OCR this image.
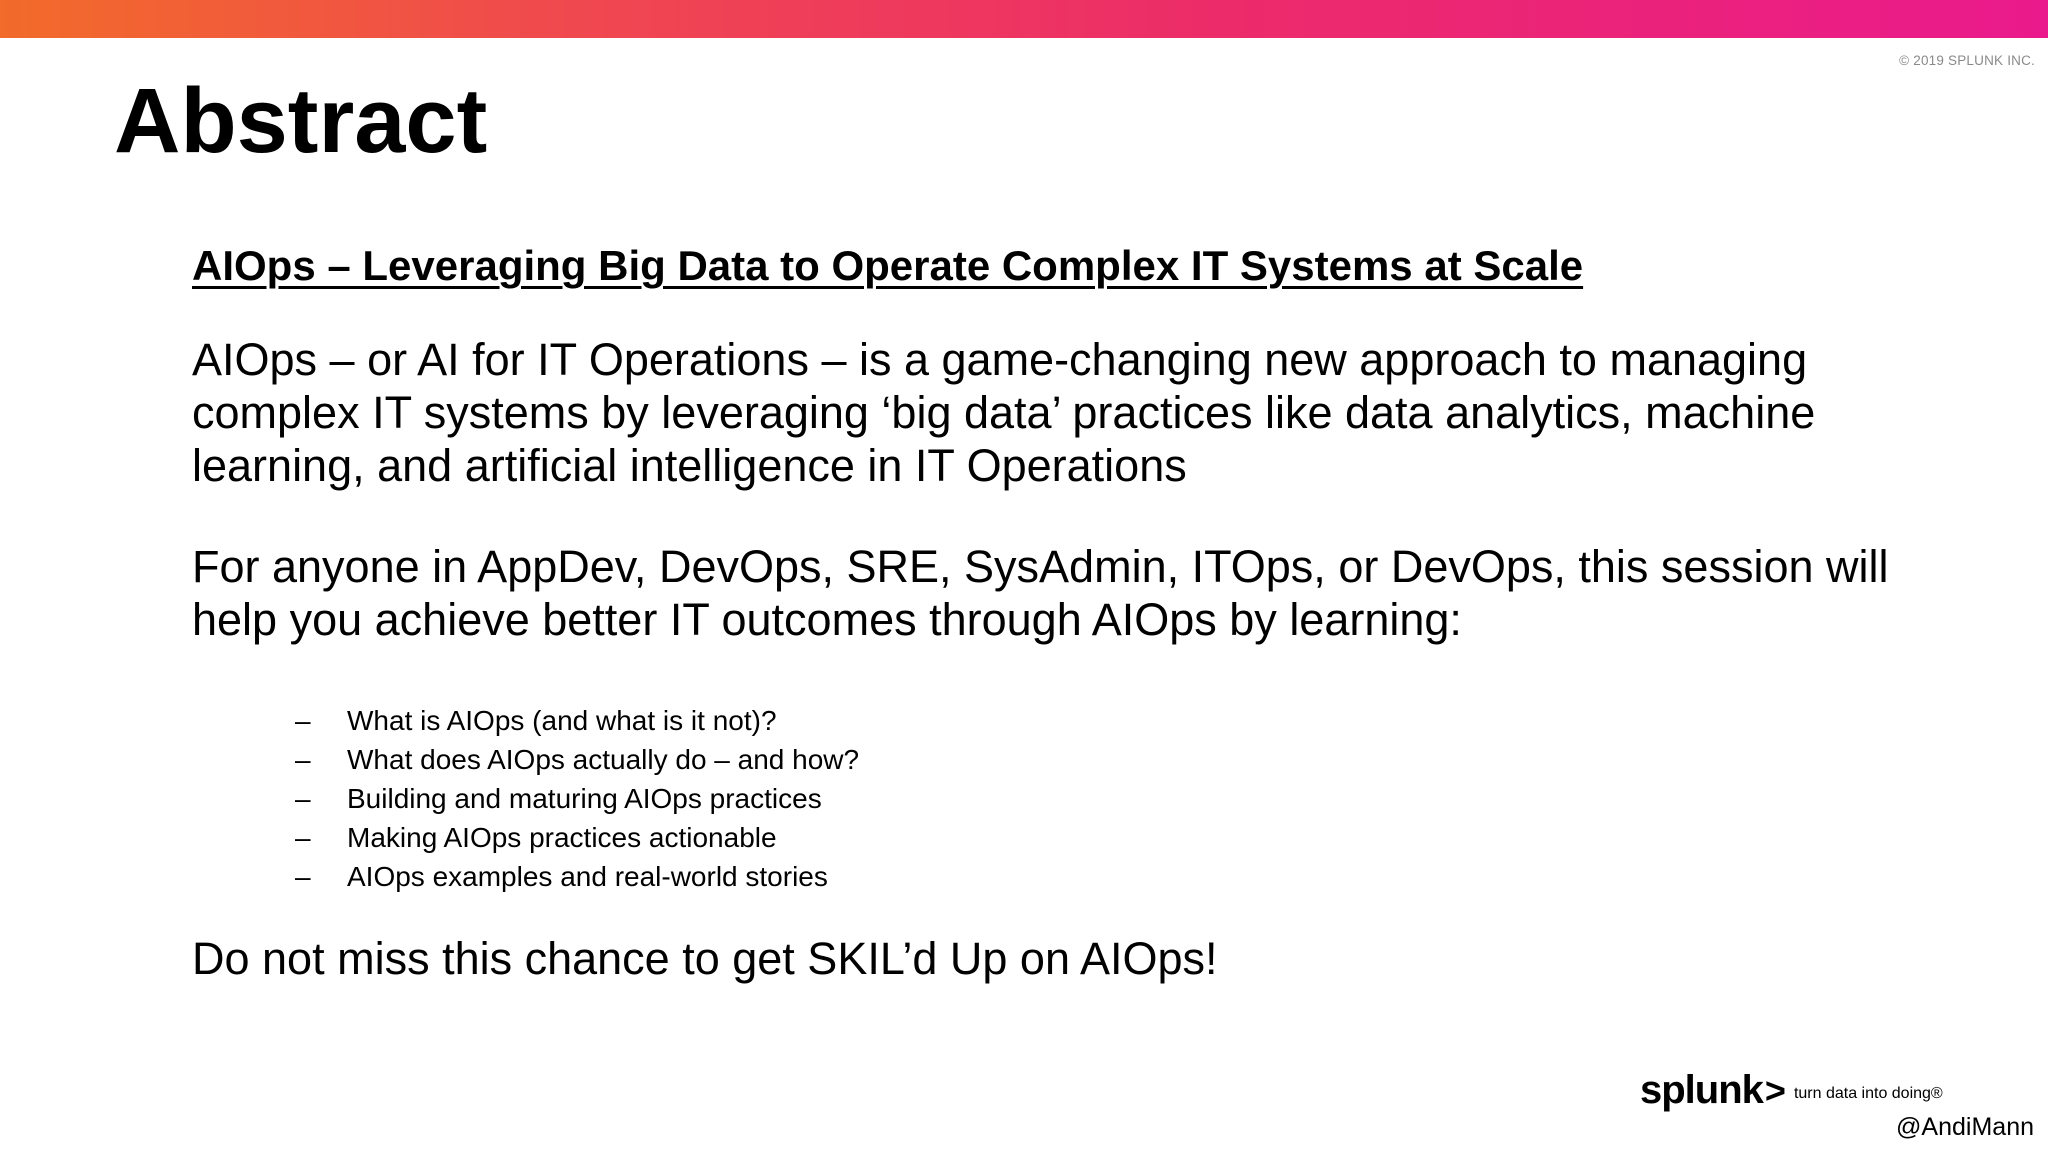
© 2019 SPLUNK INC.
Abstract

AIOps – Leveraging Big Data to Operate Complex IT Systems at Scale

AIOps – or AI for IT Operations – is a game-changing new approach to managing complex IT systems by leveraging ‘big data’ practices like data analytics, machine learning, and artificial intelligence in IT Operations

For anyone in AppDev, DevOps, SRE, SysAdmin, ITOps, or DevOps, this session will help you achieve better IT outcomes through AIOps by learning:

–	What is AIOps (and what is it not)?
–	What does AIOps actually do – and how?
–	Building and maturing AIOps practices
–	Making AIOps practices actionable
–	AIOps examples and real-world stories

Do not miss this chance to get SKIL’d Up on AIOps!

splunk > turn data into doing®
@AndiMann
